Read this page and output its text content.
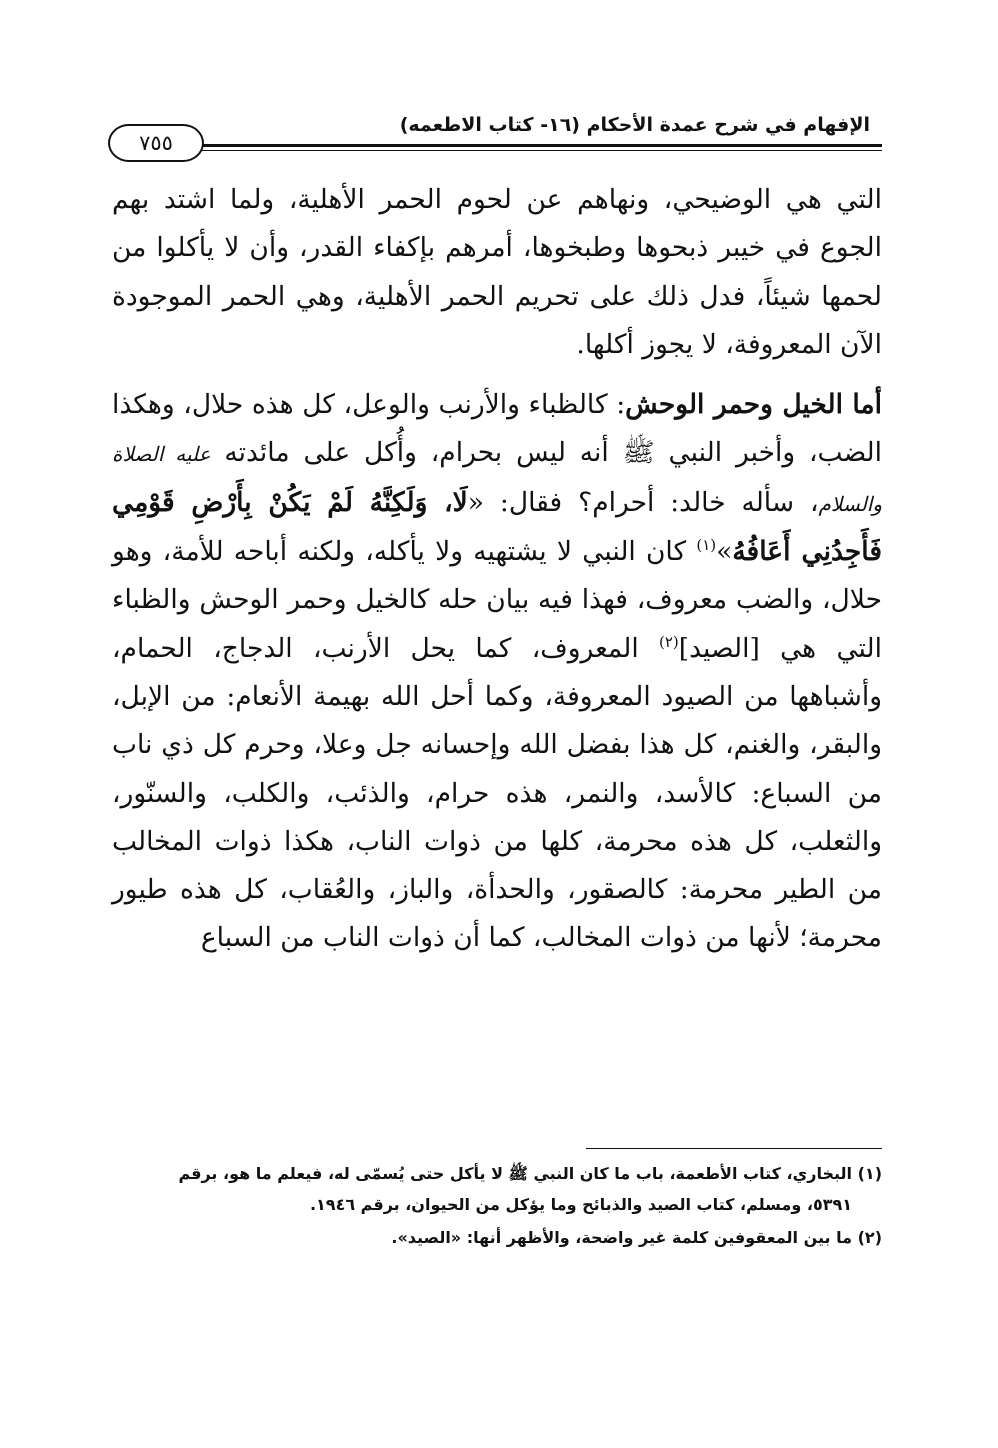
الإفهام في شرح عمدة الأحكام (١٦- كتاب الاطعمه)
٧٥٥

التي هي الوضيحي، ونهاهم عن لحوم الحمر الأهلية، ولما اشتد بهم الجوع في خيبر ذبحوها وطبخوها، أمرهم بإكفاء القدر، وأن لا يأكلوا من لحمها شيئاً، فدل ذلك على تحريم الحمر الأهلية، وهي الحمر الموجودة الآن المعروفة، لا يجوز أكلها.

أما الخيل وحمر الوحش: كالظباء والأرنب والوعل، كل هذه حلال، وهكذا الضب، وأخبر النبي ﷺ أنه ليس بحرام، وأُكل على مائدته عليه الصلاة والسلام، سأله خالد: أحرام؟ فقال: «لَا، وَلَكِنَّهُ لَمْ يَكُنْ بِأَرْضِ قَوْمِي فَأَجِدُنِي أَعَافُهُ»$^{(١)}$ كان النبي لا يشتهيه ولا يأكله، ولكنه أباحه للأمة، وهو حلال، والضب معروف، فهذا فيه بيان حله كالخيل وحمر الوحش والظباء التي هي [الصيد]$^{(٢)}$ المعروف، كما يحل الأرنب، الدجاج، الحمام، وأشباهها من الصيود المعروفة، وكما أحل الله بهيمة الأنعام: من الإبل، والبقر، والغنم، كل هذا بفضل الله وإحسانه جل وعلا، وحرم كل ذي ناب من السباع: كالأسد، والنمر، هذه حرام، والذئب، والكلب، والسنّور، والثعلب، كل هذه محرمة، كلها من ذوات الناب، هكذا ذوات المخالب من الطير محرمة: كالصقور، والحدأة، والباز، والعُقاب، كل هذه طيور محرمة؛ لأنها من ذوات المخالب، كما أن ذوات الناب من السباع

(١) البخاري، كتاب الأطعمة، باب ما كان النبي ﷺ لا يأكل حتى يُسمّى له، فيعلم ما هو، برقم
٥٣٩١، ومسلم، كتاب الصيد والذبائح وما يؤكل من الحيوان، برقم ١٩٤٦.

(٢) ما بين المعقوفين كلمة غير واضحة، والأظهر أنها: «الصيد».
